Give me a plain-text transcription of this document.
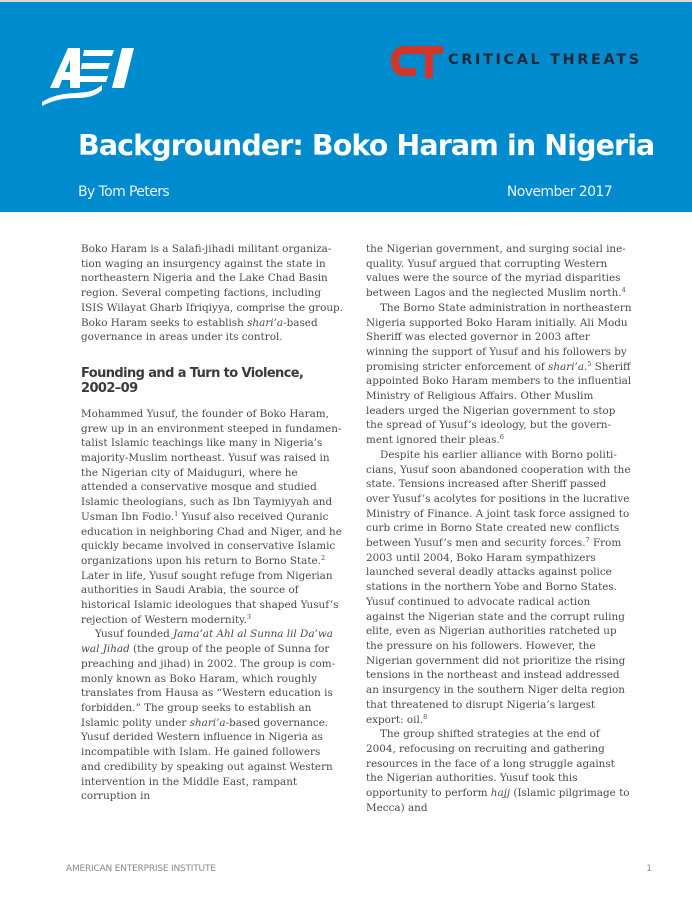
CRITICAL THREATS
Backgrounder: Boko Haram in Nigeria
By Tom Peters	November 2017

Boko Haram is a Salafi-jihadi militant organization waging an insurgency against the state in northeastern Nigeria and the Lake Chad Basin region. Several competing factions, including ISIS Wilayat Gharb Ifriqiyya, comprise the group. Boko Haram seeks to establish shari’a-based governance in areas under its control.

Founding and a Turn to Violence, 2002–09

Mohammed Yusuf, the founder of Boko Haram, grew up in an environment steeped in fundamentalist Islamic teachings like many in Nigeria’s majority-Muslim northeast. Yusuf was raised in the Nigerian city of Maiduguri, where he attended a conservative mosque and studied Islamic theologians, such as Ibn Taymiyyah and Usman Ibn Fodio.$^1$ Yusuf also received Quranic education in neighboring Chad and Niger, and he quickly became involved in conservative Islamic organizations upon his return to Borno State.$^2$ Later in life, Yusuf sought refuge from Nigerian authorities in Saudi Arabia, the source of historical Islamic ideologues that shaped Yusuf’s rejection of Western modernity.$^3$

Yusuf founded Jama’at Ahl al Sunna lil Da’wa wal Jihad (the group of the people of Sunna for preaching and jihad) in 2002. The group is commonly known as Boko Haram, which roughly translates from Hausa as “Western education is forbidden.” The group seeks to establish an Islamic polity under shari’a-based governance. Yusuf derided Western influence in Nigeria as incompatible with Islam. He gained followers and credibility by speaking out against Western intervention in the Middle East, rampant corruption in

the Nigerian government, and surging social inequality. Yusuf argued that corrupting Western values were the source of the myriad disparities between Lagos and the neglected Muslim north.$^4$

The Borno State administration in northeastern Nigeria supported Boko Haram initially. Ali Modu Sheriff was elected governor in 2003 after winning the support of Yusuf and his followers by promising stricter enforcement of shari’a.$^5$ Sheriff appointed Boko Haram members to the influential Ministry of Religious Affairs. Other Muslim leaders urged the Nigerian government to stop the spread of Yusuf’s ideology, but the government ignored their pleas.$^6$

Despite his earlier alliance with Borno politicians, Yusuf soon abandoned cooperation with the state. Tensions increased after Sheriff passed over Yusuf’s acolytes for positions in the lucrative Ministry of Finance. A joint task force assigned to curb crime in Borno State created new conflicts between Yusuf’s men and security forces.$^7$ From 2003 until 2004, Boko Haram sympathizers launched several deadly attacks against police stations in the northern Yobe and Borno States. Yusuf continued to advocate radical action against the Nigerian state and the corrupt ruling elite, even as Nigerian authorities ratcheted up the pressure on his followers. However, the Nigerian government did not prioritize the rising tensions in the northeast and instead addressed an insurgency in the southern Niger delta region that threatened to disrupt Nigeria’s largest export: oil.$^8$

The group shifted strategies at the end of 2004, refocusing on recruiting and gathering resources in the face of a long struggle against the Nigerian authorities. Yusuf took this opportunity to perform hajj (Islamic pilgrimage to Mecca) and

AMERICAN ENTERPRISE INSTITUTE	1
